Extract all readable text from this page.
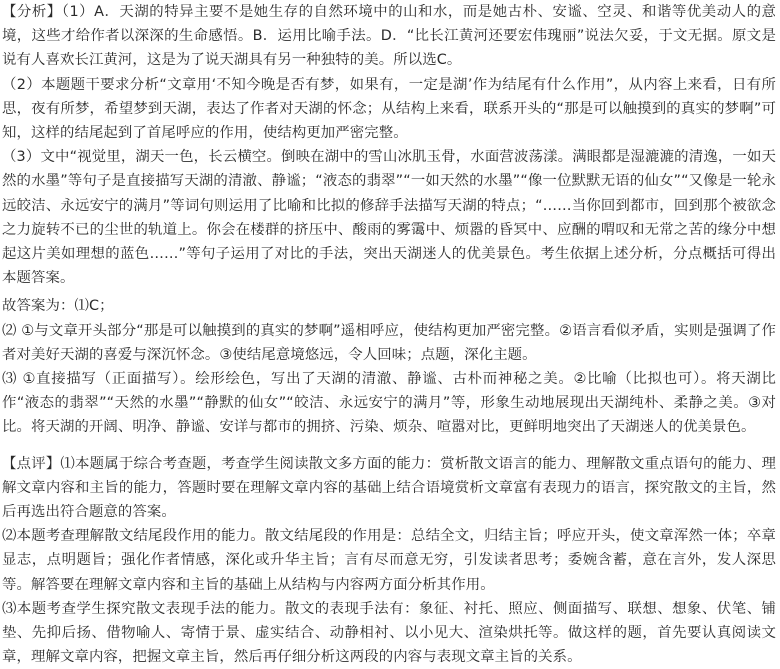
【分析】（1）A．天湖的特异主要不是她生存的自然环境中的山和水，而是她古朴、安谧、空灵、和谐等优美动人的意境，这些才给作者以深深的生命感悟。B．运用比喻手法。D．“比长江黄河还要宏伟瑰丽”说法欠妥，于文无据。原文是说有人喜欢长江黄河，这是为了说天湖具有另一种独特的美。所以选C。

（2）本题题干要求分析“文章用‘不知今晚是否有梦，如果有，一定是湖’作为结尾有什么作用”，从内容上来看，日有所思，夜有所梦，希望梦到天湖，表达了作者对天湖的怀念；从结构上来看，联系开头的“那是可以触摸到的真实的梦啊”可知，这样的结尾起到了首尾呼应的作用，使结构更加严密完整。

（3）文中“视觉里，湖天一色，长云横空。倒映在湖中的雪山冰肌玉骨，水面营波荡漾。满眼都是湿漉漉的清逸，一如天然的水墨”等句子是直接描写天湖的清澈、静谧；“液态的翡翠”“一如天然的水墨”“像一位默默无语的仙女”“又像是一轮永远皎洁、永远安宁的满月”等词句则运用了比喻和比拟的修辞手法描写天湖的特点；“……当你回到都市，回到那个被欲念之力旋转不已的尘世的轨道上。你会在楼群的挤压中、酸雨的雾霭中、烦嚣的昏冥中、应酬的喟叹和无常之苦的缘分中想起这片美如理想的蓝色……”等句子运用了对比的手法，突出天湖迷人的优美景色。考生依据上述分析，分点概括可得出本题答案。

故答案为：⑴C；

⑵ ①与文章开头部分“那是可以触摸到的真实的梦啊”遥相呼应，使结构更加严密完整。②语言看似矛盾，实则是强调了作者对美好天湖的喜爱与深沉怀念。③使结尾意境悠远，令人回味；点题，深化主题。

⑶ ①直接描写（正面描写）。绘形绘色，写出了天湖的清澈、静谧、古朴而神秘之美。②比喻（比拟也可）。将天湖比作“液态的翡翠”“天然的水墨”“静默的仙女”“皎洁、永远安宁的满月”等，形象生动地展现出天湖纯朴、柔静之美。③对比。将天湖的开阔、明净、静谧、安详与都市的拥挤、污染、烦杂、喧嚣对比，更鲜明地突出了天湖迷人的优美景色。

【点评】⑴本题属于综合考查题，考查学生阅读散文多方面的能力：赏析散文语言的能力、理解散文重点语句的能力、理解文章内容和主旨的能力，答题时要在理解文章内容的基础上结合语境赏析文章富有表现力的语言，探究散文的主旨，然后再选出符合题意的答案。

⑵本题考查理解散文结尾段作用的能力。散文结尾段的作用是：总结全文，归结主旨；呼应开头，使文章浑然一体；卒章显志，点明题旨；强化作者情感，深化或升华主旨；言有尽而意无穷，引发读者思考；委婉含蓄，意在言外，发人深思等。解答要在理解文章内容和主旨的基础上从结构与内容两方面分析其作用。

⑶本题考查学生探究散文表现手法的能力。散文的表现手法有：象征、衬托、照应、侧面描写、联想、想象、伏笔、铺垫、先抑后扬、借物喻人、寄情于景、虚实结合、动静相衬、以小见大、渲染烘托等。做这样的题，首先要认真阅读文章，理解文章内容，把握文章主旨，然后再仔细分析这两段的内容与表现文章主旨的关系。
